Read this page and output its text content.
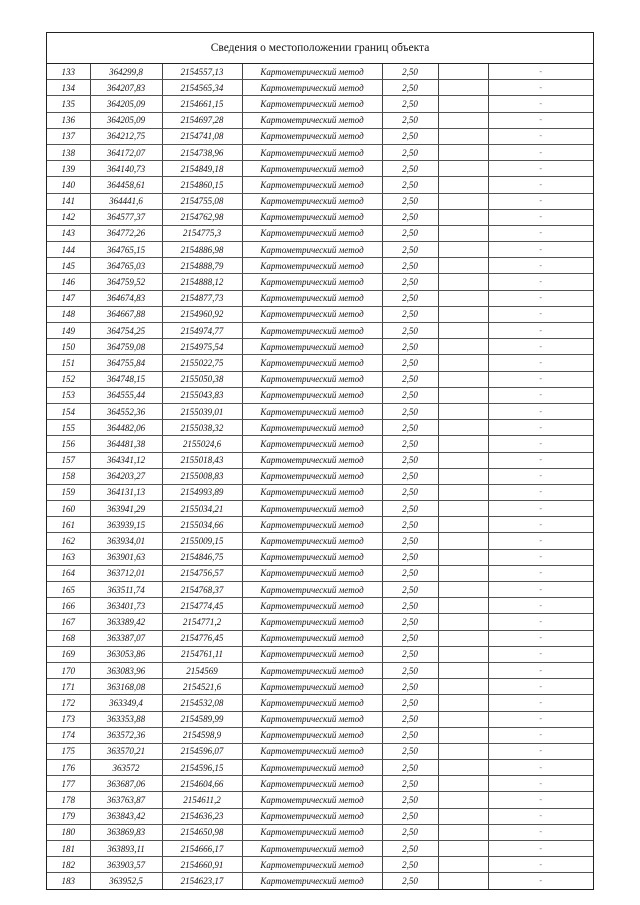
Сведения о местоположении границ объекта
133	364299,8	2154557,13	Картометрический метод	2,50		-
134	364207,83	2154565,34	Картометрический метод	2,50		-
135	364205,09	2154661,15	Картометрический метод	2,50		-
136	364205,09	2154697,28	Картометрический метод	2,50		-
137	364212,75	2154741,08	Картометрический метод	2,50		-
138	364172,07	2154738,96	Картометрический метод	2,50		-
139	364140,73	2154849,18	Картометрический метод	2,50		-
140	364458,61	2154860,15	Картометрический метод	2,50		-
141	364441,6	2154755,08	Картометрический метод	2,50		-
142	364577,37	2154762,98	Картометрический метод	2,50		-
143	364772,26	2154775,3	Картометрический метод	2,50		-
144	364765,15	2154886,98	Картометрический метод	2,50		-
145	364765,03	2154888,79	Картометрический метод	2,50		-
146	364759,52	2154888,12	Картометрический метод	2,50		-
147	364674,83	2154877,73	Картометрический метод	2,50		-
148	364667,88	2154960,92	Картометрический метод	2,50		-
149	364754,25	2154974,77	Картометрический метод	2,50		-
150	364759,08	2154975,54	Картометрический метод	2,50		-
151	364755,84	2155022,75	Картометрический метод	2,50		-
152	364748,15	2155050,38	Картометрический метод	2,50		-
153	364555,44	2155043,83	Картометрический метод	2,50		-
154	364552,36	2155039,01	Картометрический метод	2,50		-
155	364482,06	2155038,32	Картометрический метод	2,50		-
156	364481,38	2155024,6	Картометрический метод	2,50		-
157	364341,12	2155018,43	Картометрический метод	2,50		-
158	364203,27	2155008,83	Картометрический метод	2,50		-
159	364131,13	2154993,89	Картометрический метод	2,50		-
160	363941,29	2155034,21	Картометрический метод	2,50		-
161	363939,15	2155034,66	Картометрический метод	2,50		-
162	363934,01	2155009,15	Картометрический метод	2,50		-
163	363901,63	2154846,75	Картометрический метод	2,50		-
164	363712,01	2154756,57	Картометрический метод	2,50		-
165	363511,74	2154768,37	Картометрический метод	2,50		-
166	363401,73	2154774,45	Картометрический метод	2,50		-
167	363389,42	2154771,2	Картометрический метод	2,50		-
168	363387,07	2154776,45	Картометрический метод	2,50		-
169	363053,86	2154761,11	Картометрический метод	2,50		-
170	363083,96	2154569	Картометрический метод	2,50		-
171	363168,08	2154521,6	Картометрический метод	2,50		-
172	363349,4	2154532,08	Картометрический метод	2,50		-
173	363353,88	2154589,99	Картометрический метод	2,50		-
174	363572,36	2154598,9	Картометрический метод	2,50		-
175	363570,21	2154596,07	Картометрический метод	2,50		-
176	363572	2154596,15	Картометрический метод	2,50		-
177	363687,06	2154604,66	Картометрический метод	2,50		-
178	363763,87	2154611,2	Картометрический метод	2,50		-
179	363843,42	2154636,23	Картометрический метод	2,50		-
180	363869,83	2154650,98	Картометрический метод	2,50		-
181	363893,11	2154666,17	Картометрический метод	2,50		-
182	363903,57	2154660,91	Картометрический метод	2,50		-
183	363952,5	2154623,17	Картометрический метод	2,50		-
